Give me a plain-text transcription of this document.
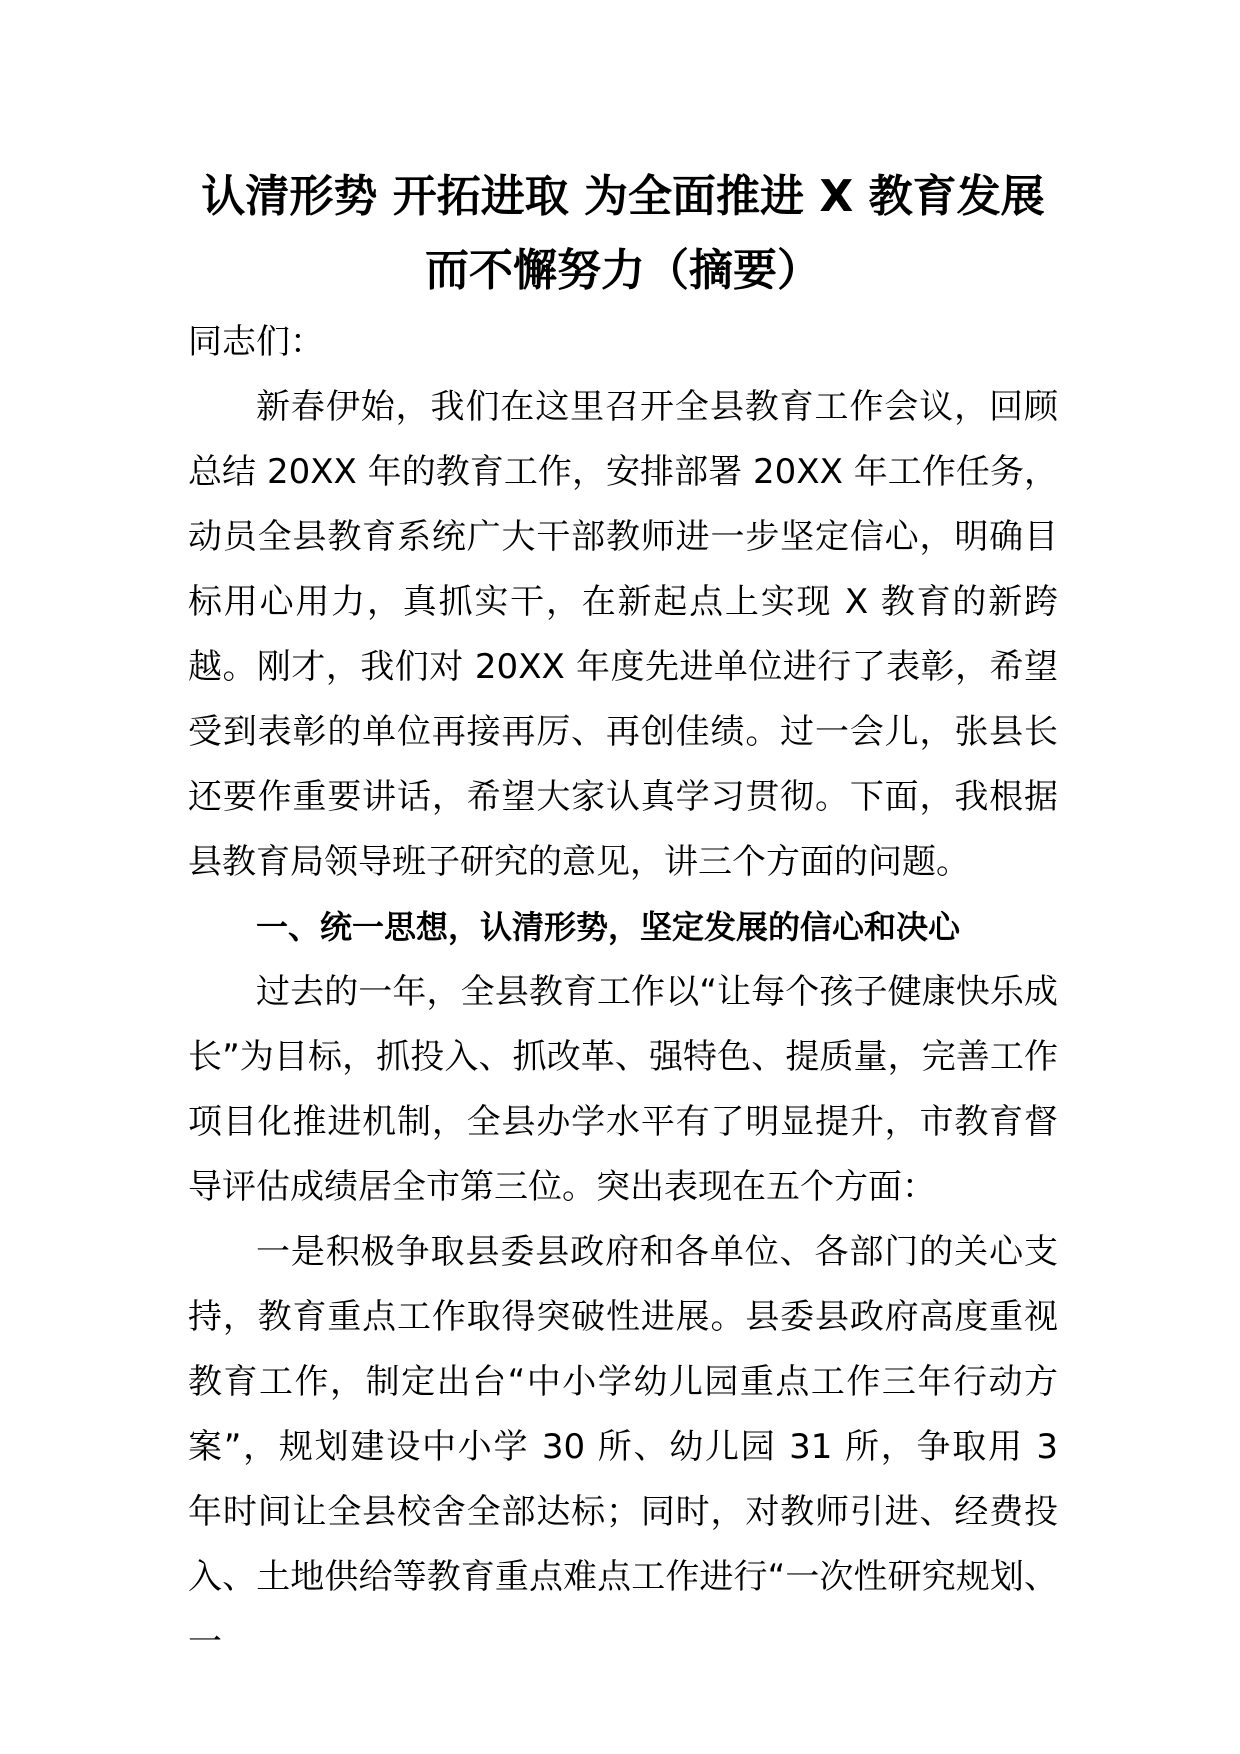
认清形势 开拓进取 为全面推进 X 教育发展
而不懈努力（摘要）

同志们：

新春伊始，我们在这里召开全县教育工作会议，回顾总结 20XX 年的教育工作，安排部署 20XX 年工作任务，动员全县教育系统广大干部教师进一步坚定信心，明确目标用心用力，真抓实干，在新起点上实现 X 教育的新跨越。刚才，我们对 20XX 年度先进单位进行了表彰，希望受到表彰的单位再接再厉、再创佳绩。过一会儿，张县长还要作重要讲话，希望大家认真学习贯彻。下面，我根据县教育局领导班子研究的意见，讲三个方面的问题。

一、统一思想，认清形势，坚定发展的信心和决心

过去的一年，全县教育工作以“让每个孩子健康快乐成长”为目标，抓投入、抓改革、强特色、提质量，完善工作项目化推进机制，全县办学水平有了明显提升，市教育督导评估成绩居全市第三位。突出表现在五个方面：

一是积极争取县委县政府和各单位、各部门的关心支持，教育重点工作取得突破性进展。县委县政府高度重视教育工作，制定出台“中小学幼儿园重点工作三年行动方案”，规划建设中小学 30 所、幼儿园 31 所，争取用 3 年时间让全县校舍全部达标；同时，对教师引进、经费投入、土地供给等教育重点难点工作进行“一次性研究规划、一
